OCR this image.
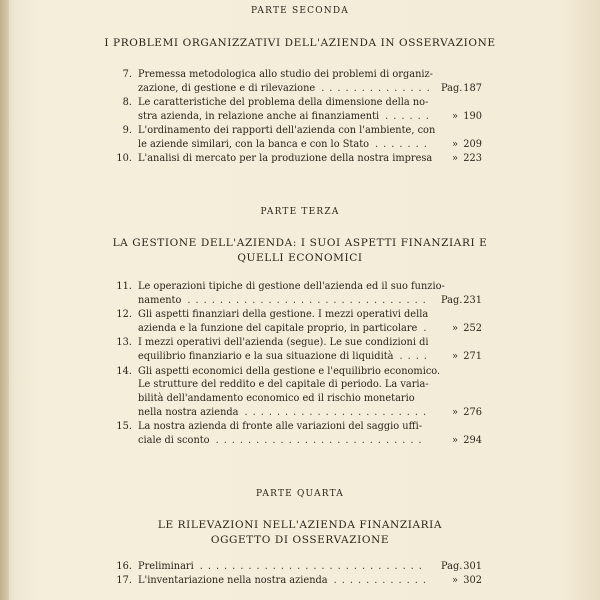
PARTE SECONDA
I PROBLEMI ORGANIZZATIVI DELL'AZIENDA IN OSSERVAZIONE
7. Premessa metodologica allo studio dei problemi di organiz-
zazione, di gestione e di rilevazione .............. Pag. 187
8. Le caratteristiche del problema della dimensione della no-
stra azienda, in relazione anche ai finanziamenti ...... » 190
9. L'ordinamento dei rapporti dell'azienda con l'ambiente, con
le aziende similari, con la banca e con lo Stato ....... » 209
10. L'analisi di mercato per la produzione della nostra impresa » 223
PARTE TERZA
LA GESTIONE DELL'AZIENDA: I SUOI ASPETTI FINANZIARI E
QUELLI ECONOMICI
11. Le operazioni tipiche di gestione dell'azienda ed il suo funzio-
namento .............................. Pag. 231
12. Gli aspetti finanziari della gestione. I mezzi operativi della
azienda e la funzione del capitale proprio, in particolare . » 252
13. I mezzi operativi dell'azienda (segue). Le sue condizioni di
equilibrio finanziario e la sua situazione di liquidità .... » 271
14. Gli aspetti economici della gestione e l'equilibrio economico.
Le strutture del reddito e del capitale di periodo. La varia-
bilità dell'andamento economico ed il rischio monetario
nella nostra azienda ....................... » 276
15. La nostra azienda di fronte alle variazioni del saggio uffi-
ciale di sconto ..........................	» 294
PARTE QUARTA
LE RILEVAZIONI NELL'AZIENDA FINANZIARIA
OGGETTO DI OSSERVAZIONE
16. Preliminari ............................ Pag. 301
17. L'inventariazione nella nostra azienda ............ » 302
